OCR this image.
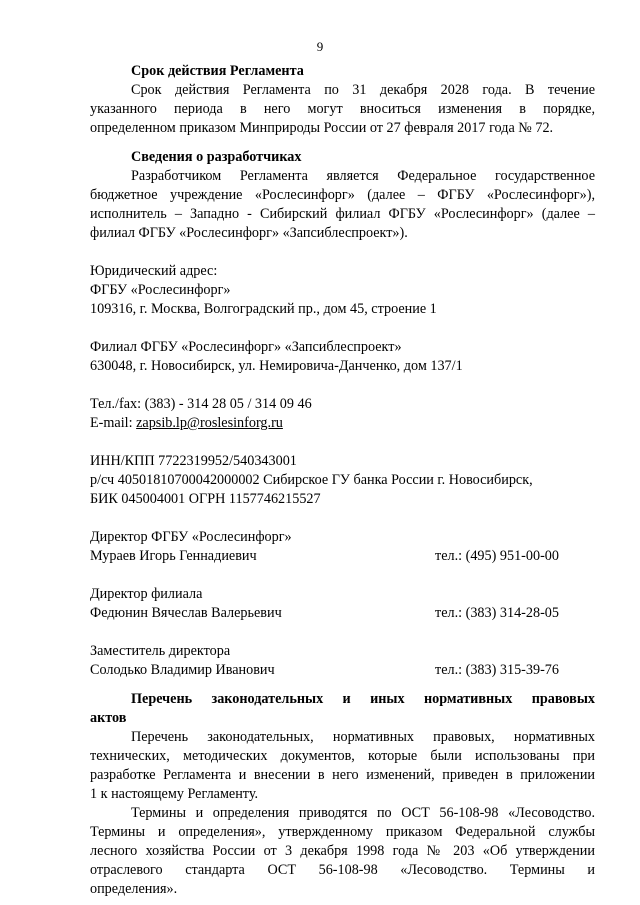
9

Срок действия Регламента

Срок действия Регламента по 31 декабря 2028 года. В течение

указанного периода в него могут вноситься изменения в порядке,

определенном приказом Минприроды России от 27 февраля 2017 года № 72.

Сведения о разработчиках

Разработчиком Регламента является Федеральное государственное

бюджетное учреждение «Рослесинфорг» (далее – ФГБУ «Рослесинфорг»),

исполнитель – Западно - Сибирский филиал ФГБУ «Рослесинфорг» (далее –

филиал ФГБУ «Рослесинфорг» «Запсиблеспроект»).

Юридический адрес:

ФГБУ «Рослесинфорг»

109316, г. Москва, Волгоградский пр., дом 45, строение 1

Филиал ФГБУ «Рослесинфорг» «Запсиблеспроект»

630048, г. Новосибирск, ул. Немировича-Данченко, дом 137/1

Тел./fax: (383) - 314 28 05 / 314 09 46

E-mail: zapsib.lp@roslesinforg.ru

ИНН/КПП 7722319952/540343001

р/сч 40501810700042000002 Сибирское ГУ банка России г. Новосибирск,

БИК 045004001 ОГРН 1157746215527

Директор ФГБУ «Рослесинфорг»

Мураев Игорь Геннадиевич	тел.: (495) 951-00-00

Директор филиала

Федюнин Вячеслав Валерьевич	тел.: (383) 314-28-05

Заместитель директора

Солодько Владимир Иванович	тел.: (383) 315-39-76

Перечень законодательных и иных нормативных правовых

актов

Перечень законодательных, нормативных правовых, нормативных

технических, методических документов, которые были использованы при

разработке Регламента и внесении в него изменений, приведен в приложении

1 к настоящему Регламенту.

Термины и определения приводятся по ОСТ 56-108-98 «Лесоводство.

Термины и определения», утвержденному приказом Федеральной службы

лесного хозяйства России от 3 декабря 1998 года № 203 «Об утверждении

отраслевого стандарта ОСТ 56-108-98 «Лесоводство. Термины и

определения».
